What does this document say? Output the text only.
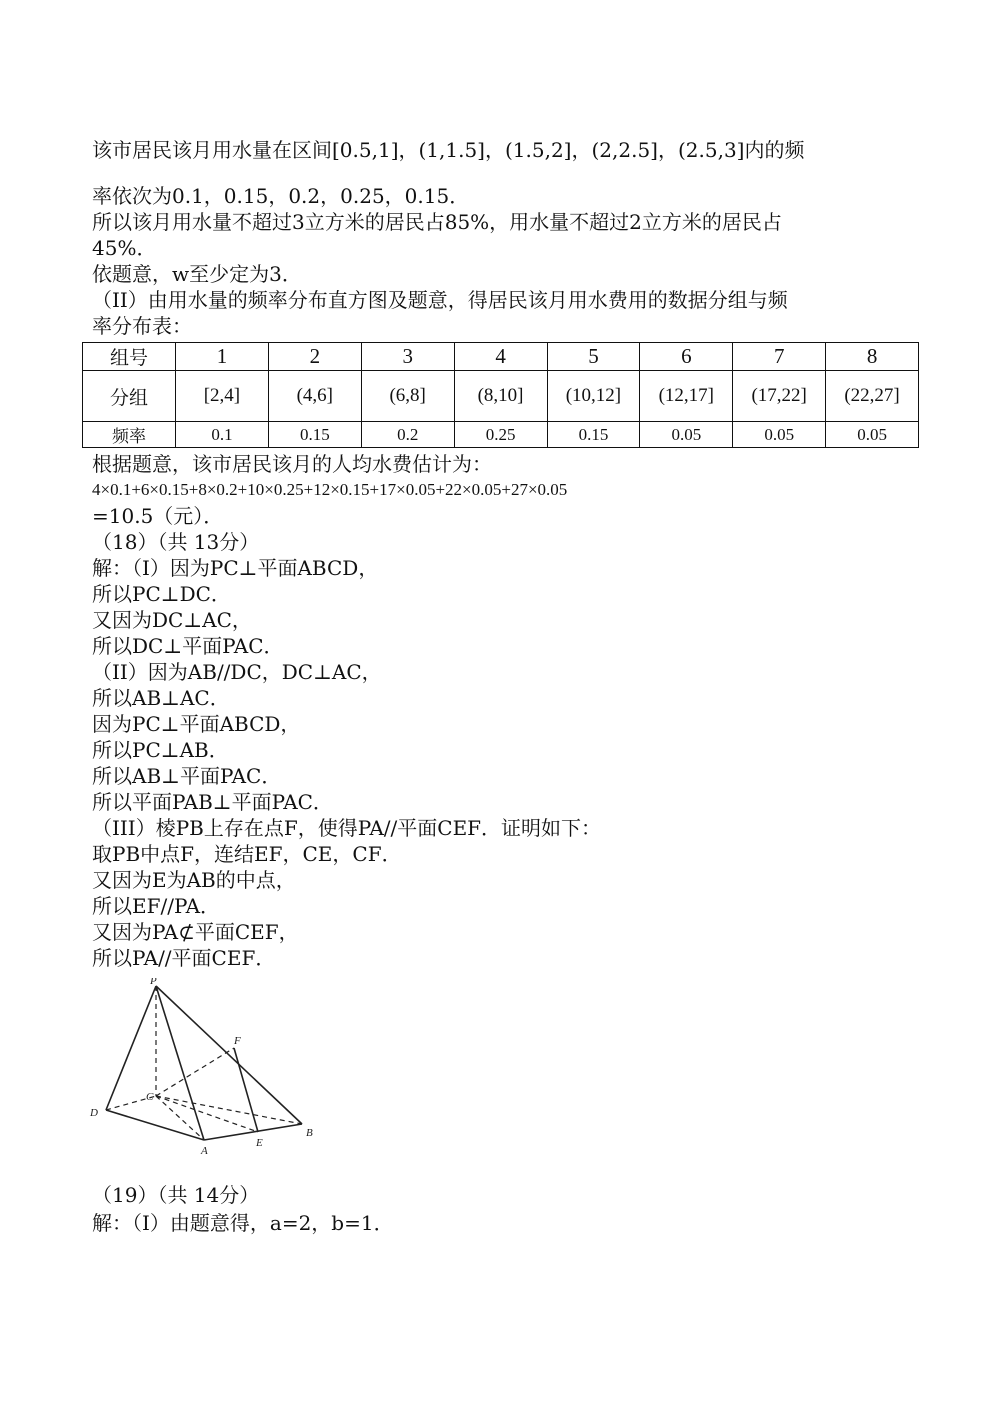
该市居民该月用水量在区间[0.5,1]，(1,1.5]，(1.5,2]，(2,2.5]，(2.5,3]内的频
率依次为0.1，0.15，0.2，0.25，0.15．
所以该月用水量不超过3立方米的居民占85%，用水量不超过2立方米的居民占
45%．
依题意，w至少定为3．
（II）由用水量的频率分布直方图及题意，得居民该月用水费用的数据分组与频
率分布表：
组号	1	2	3	4	5	6	7	8
分组	[2,4]	(4,6]	(6,8]	(8,10]	(10,12]	(12,17]	(17,22]	(22,27]
频率	0.1	0.15	0.2	0.25	0.15	0.05	0.05	0.05
根据题意，该市居民该月的人均水费估计为：
4×0.1+6×0.15+8×0.2+10×0.25+12×0.15+17×0.05+22×0.05+27×0.05
=10.5（元）．
（18）（共 13分）
解：（I）因为PC⊥平面ABCD，
所以PC⊥DC．
又因为DC⊥AC，
所以DC⊥平面PAC．
（II）因为AB//DC，DC⊥AC，
所以AB⊥AC．
因为PC⊥平面ABCD，
所以PC⊥AB．
所以AB⊥平面PAC．
所以平面PAB⊥平面PAC．
（III）棱PB上存在点F，使得PA//平面CEF．证明如下：
取PB中点F，连结EF，CE，CF．
又因为E为AB的中点，
所以EF//PA．
又因为PA⊄平面CEF，
所以PA//平面CEF．
P
C
D
A
E
B
F
（19）（共 14分）
解：（I）由题意得，a=2，b=1．
